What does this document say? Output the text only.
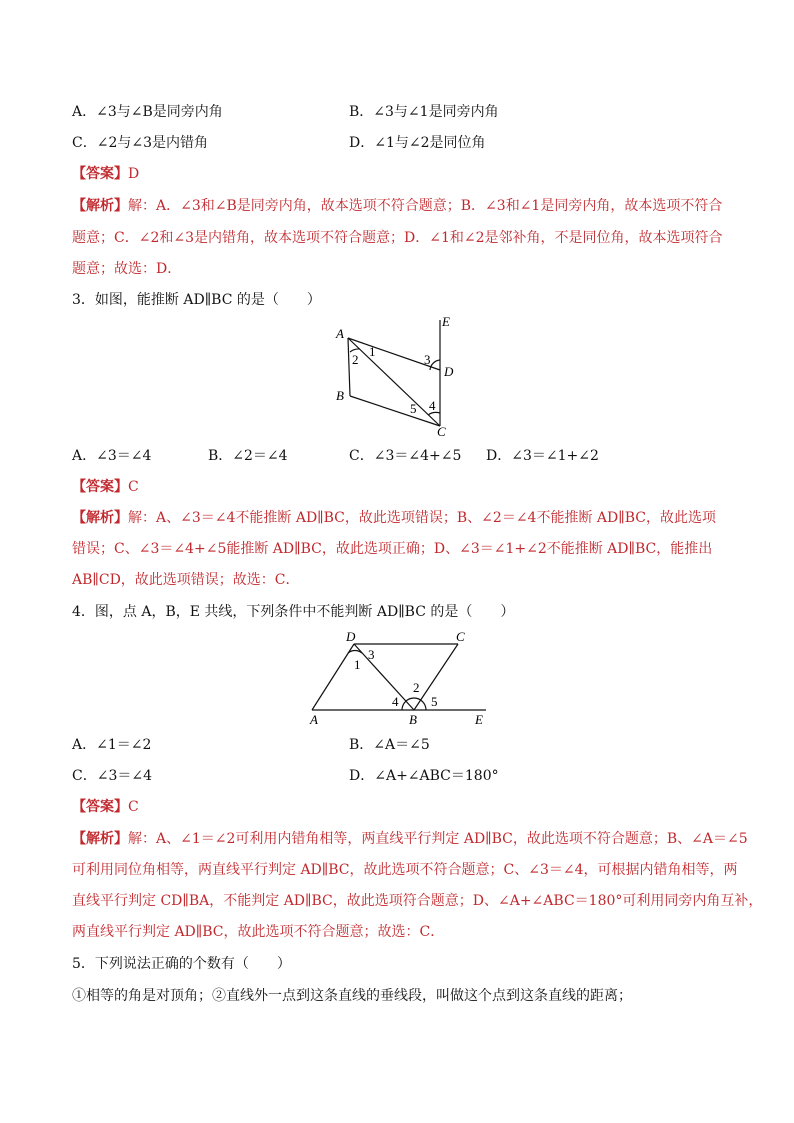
A．∠3与∠B是同旁内角	B．∠3与∠1是同旁内角
C．∠2与∠3是内错角	D．∠1与∠2是同位角
【答案】D
【解析】解：A．∠3和∠B是同旁内角，故本选项不符合题意；B．∠3和∠1是同旁内角，故本选项不符合
题意；C．∠2和∠3是内错角，故本选项不符合题意；D．∠1和∠2是邻补角，不是同位角，故本选项符合
题意；故选：D．
3．如图，能推断 AD∥BC 的是（　　）
A
B
C
D
E
1
2	3
4
5
A．∠3＝∠4	B．∠2＝∠4	C．∠3＝∠4+∠5 D．∠3＝∠1+∠2
【答案】C
【解析】解：A、∠3＝∠4不能推断 AD∥BC，故此选项错误；B、∠2＝∠4不能推断 AD∥BC，故此选项
错误；C、∠3＝∠4+∠5能推断 AD∥BC，故此选项正确；D、∠3＝∠1+∠2不能推断 AD∥BC，能推出
AB∥CD，故此选项错误；故选：C．
4．图，点 A，B，E 共线，下列条件中不能判断 AD∥BC 的是（　　）
A	B
C
D
E
1
3
4
2
5
A．∠1＝∠2	B．∠A＝∠5
C．∠3＝∠4	D．∠A+∠ABC＝180°
【答案】C
【解析】解：A、∠1＝∠2可利用内错角相等，两直线平行判定 AD∥BC，故此选项不符合题意；B、∠A＝∠5
可利用同位角相等，两直线平行判定 AD∥BC，故此选项不符合题意；C、∠3＝∠4，可根据内错角相等，两
直线平行判定 CD∥BA，不能判定 AD∥BC，故此选项符合题意；D、∠A+∠ABC＝180°可利用同旁内角互补，
两直线平行判定 AD∥BC，故此选项不符合题意；故选：C．
5．下列说法正确的个数有（　　）
①相等的角是对顶角；②直线外一点到这条直线的垂线段，叫做这个点到这条直线的距离；
